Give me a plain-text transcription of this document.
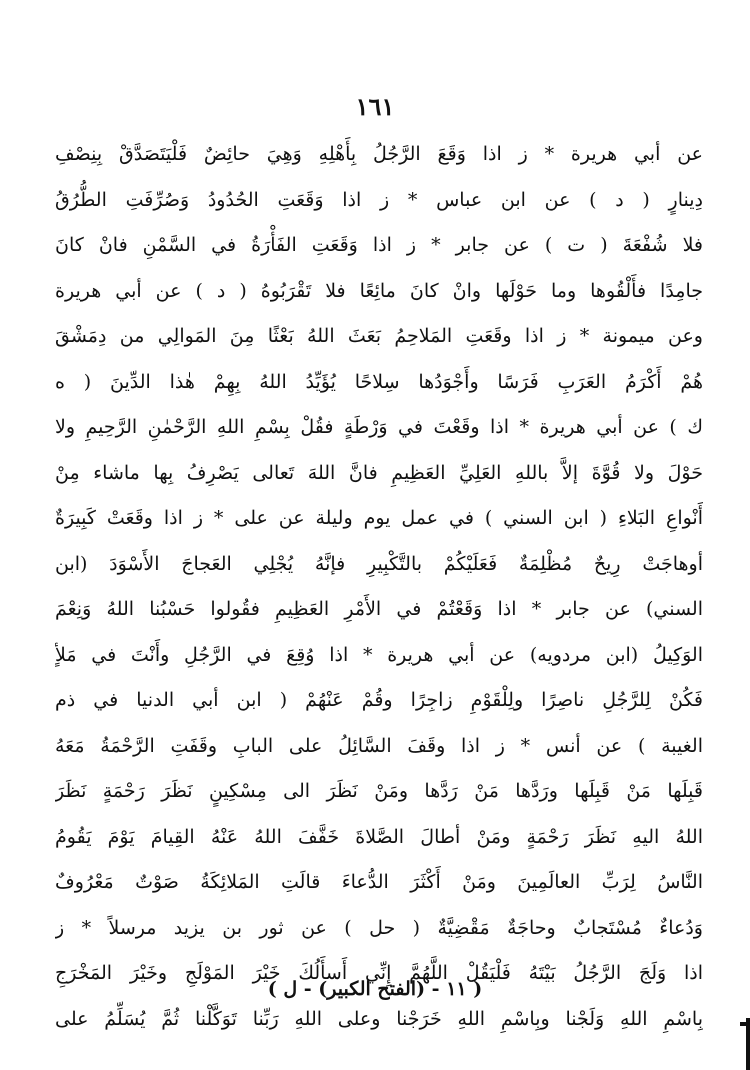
١٦١
عن أبي هريرة * ز اذا وَقَعَ الرَّجُلُ بِأَهْلِهِ وَهِيَ حائِضٌ فَلْيَتَصَدَّقْ بِنِصْفِ
دِينارٍ ( د ) عن ابن عباس * ز اذا وَقَعَتِ الحُدُودُ وَصُرِّفَتِ الطُّرُقُ
فلا شُفْعَةَ ( ت ) عن جابر * ز اذا وَقَعَتِ الفَأْرَةُ في السَّمْنِ فانْ كانَ
جامِدًا فأَلْقُوها وما حَوْلَها وانْ كانَ مائِعًا فلا تَقْرَبُوهُ ( د ) عن أبي هريرة
وعن ميمونة * ز اذا وقَعَتِ المَلاحِمُ بَعَثَ اللهُ بَعْثًا مِنَ المَوالِي من دِمَشْقَ
هُمْ أَكْرَمُ العَرَبِ فَرَسًا وأَجْوَدُها سِلاحًا يُؤَيِّدُ اللهُ بِهِمْ هٰذا الدِّينَ ( ه
ك ) عن أبي هريرة * اذا وقَعْتَ في وَرْطَةٍ فقُلْ بِسْمِ اللهِ الرَّحْمٰنِ الرَّحِيمِ ولا
حَوْلَ ولا قُوَّةَ إلاَّ باللهِ العَلِيِّ العَظِيمِ فانَّ اللهَ تَعالى يَصْرِفُ بِها ماشاء مِنْ
أَنْواعِ البَلاءِ ( ابن السني ) في عمل يوم وليلة عن على * ز اذا وقَعَتْ كَبِيرَةٌ
أوهاجَتْ رِيحٌ مُظْلِمَةٌ فَعَلَيْكُمْ بالتَّكْبِيرِ فإنَّهُ يُجْلِي العَجاجَ الأَسْوَدَ (ابن
السني) عن جابر * اذا وَقَعْتُمْ في الأَمْرِ العَظِيمِ فقُولوا حَسْبُنا اللهُ وَنِعْمَ
الوَكِيلُ (ابن مردويه) عن أبي هريرة * اذا وُقِعَ في الرَّجُلِ وأَنْتَ في مَلأٍ
فَكُنْ لِلرَّجُلِ ناصِرًا ولِلْقَوْمِ زاجِرًا وقُمْ عَنْهُمْ ( ابن أبي الدنيا في ذم
الغيبة ) عن أنس * ز اذا وقَفَ السَّائِلُ على البابِ وقَفَتِ الرَّحْمَةُ مَعَهُ
قَبِلَها مَنْ قَبِلَها ورَدَّها مَنْ رَدَّها ومَنْ نَظَرَ الى مِسْكِينٍ نَظَرَ رَحْمَةٍ نَظَرَ
اللهُ اليهِ نَظَرَ رَحْمَةٍ ومَنْ أطالَ الصَّلاةَ خَفَّفَ اللهُ عَنْهُ القِيامَ يَوْمَ يَقُومُ
النَّاسُ لِرَبِّ العالَمِينَ ومَنْ أَكْثَرَ الدُّعاءَ قالَتِ المَلائِكَةُ صَوْتٌ مَعْرُوفٌ
وَدُعاءٌ مُسْتَجابٌ وحاجَةٌ مَقْضِيَّةٌ ( حل ) عن ثور بن يزيد مرسلاً * ز
اذا وَلَجَ الرَّجُلُ بَيْتَهُ فَلْيَقُلْ اللَّهُمَّ إِنِّي أَسأَلُكَ خَيْرَ المَوْلَجِ وخَيْرَ المَخْرَجِ
بِاسْمِ اللهِ وَلَجْنا وبِاسْمِ اللهِ خَرَجْنا وعلى اللهِ رَبِّنا تَوَكَّلْنا ثُمَّ يُسَلِّمُ على
( ١١ - (الفتح الكبير) - ل )
